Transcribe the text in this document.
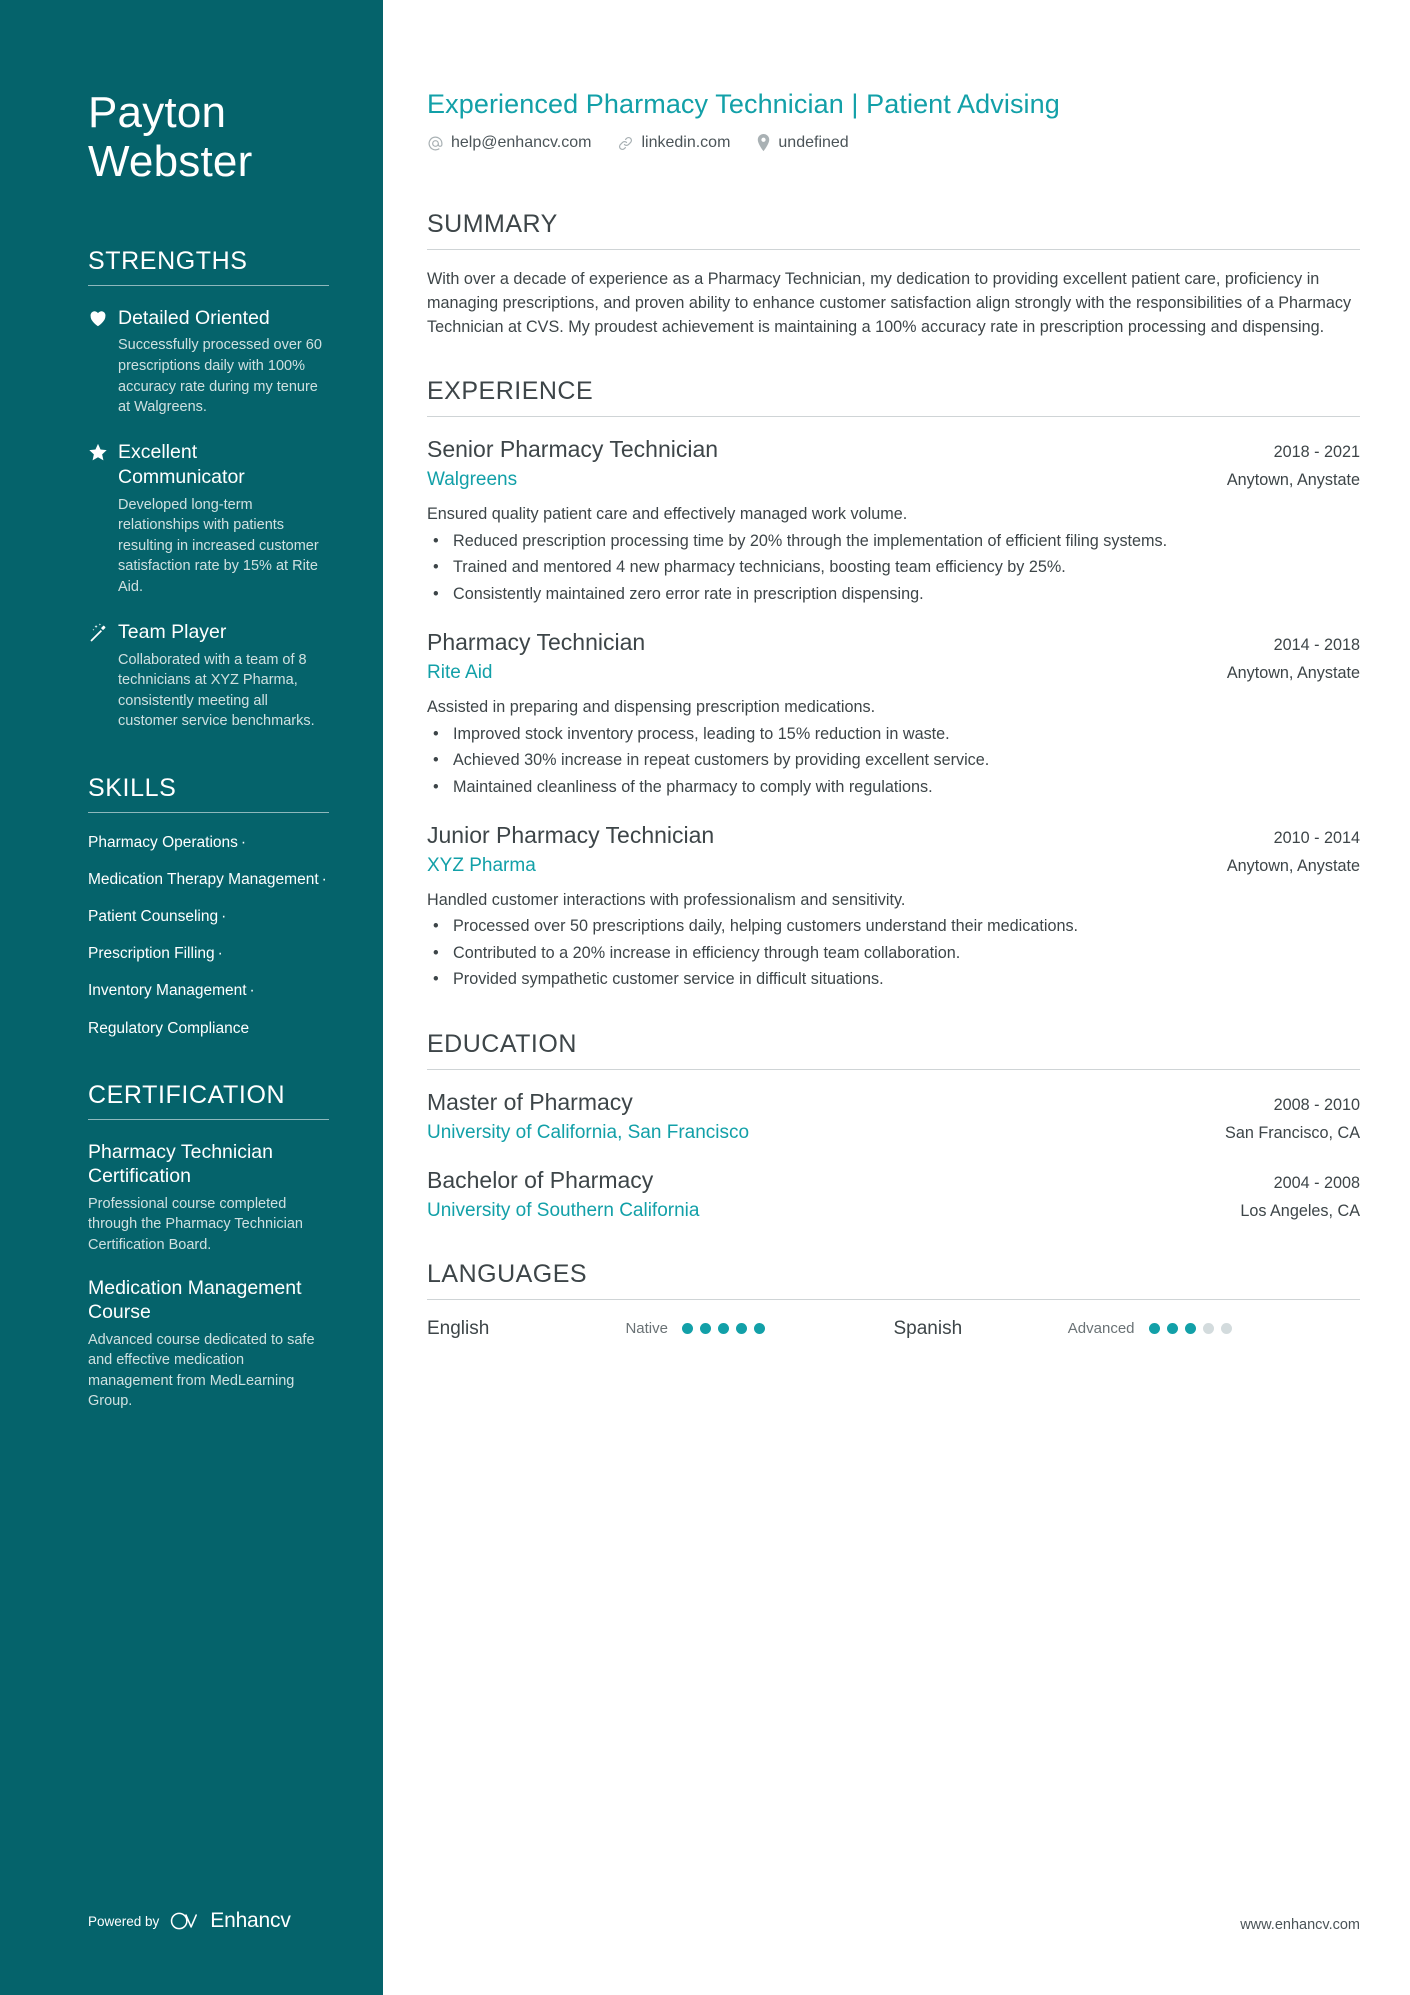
Payton
Webster
STRENGTHS
Detailed Oriented
Successfully processed over 60 prescriptions daily with 100% accuracy rate during my tenure at Walgreens.
Excellent Communicator
Developed long-term relationships with patients resulting in increased customer satisfaction rate by 15% at Rite Aid.
Team Player
Collaborated with a team of 8 technicians at XYZ Pharma, consistently meeting all customer service benchmarks.
SKILLS
Pharmacy Operations ·
Medication Therapy Management ·
Patient Counseling ·
Prescription Filling ·
Inventory Management ·
Regulatory Compliance
CERTIFICATION
Pharmacy Technician Certification
Professional course completed through the Pharmacy Technician Certification Board.
Medication Management Course
Advanced course dedicated to safe and effective medication management from MedLearning Group.
Powered by Enhancv
Experienced Pharmacy Technician | Patient Advising
help@enhancv.com	linkedin.com	undefined
SUMMARY

With over a decade of experience as a Pharmacy Technician, my dedication to providing excellent patient care, proficiency in managing prescriptions, and proven ability to enhance customer satisfaction align strongly with the responsibilities of a Pharmacy Technician at CVS. My proudest achievement is maintaining a 100% accuracy rate in prescription processing and dispensing.

EXPERIENCE
Senior Pharmacy Technician	2018 - 2021
Walgreens	Anytown, Anystate
Ensured quality patient care and effectively managed work volume.
• Reduced prescription processing time by 20% through the implementation of efficient filing systems.
• Trained and mentored 4 new pharmacy technicians, boosting team efficiency by 25%.
• Consistently maintained zero error rate in prescription dispensing.
Pharmacy Technician	2014 - 2018
Rite Aid	Anytown, Anystate
Assisted in preparing and dispensing prescription medications.
• Improved stock inventory process, leading to 15% reduction in waste.
• Achieved 30% increase in repeat customers by providing excellent service.
• Maintained cleanliness of the pharmacy to comply with regulations.
Junior Pharmacy Technician	2010 - 2014
XYZ Pharma	Anytown, Anystate
Handled customer interactions with professionalism and sensitivity.
• Processed over 50 prescriptions daily, helping customers understand their medications.
• Contributed to a 20% increase in efficiency through team collaboration.
• Provided sympathetic customer service in difficult situations.
EDUCATION
Master of Pharmacy	2008 - 2010
University of California, San Francisco	San Francisco, CA
Bachelor of Pharmacy	2004 - 2008
University of Southern California	Los Angeles, CA
LANGUAGES
English	Native	Spanish	Advanced
www.enhancv.com
